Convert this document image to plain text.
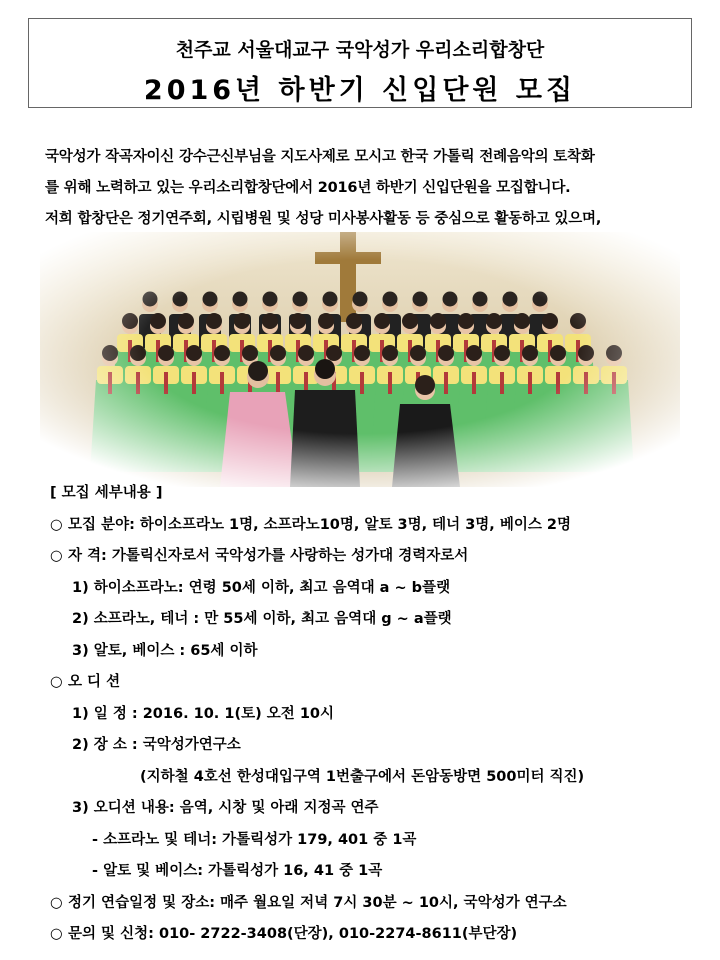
천주교 서울대교구 국악성가 우리소리합창단
2016년 하반기 신입단원 모집
국악성가 작곡자이신 강수근신부님을 지도사제로 모시고 한국 가톨릭 전례음악의 토착화
를 위해 노력하고 있는 우리소리합창단에서 2016년 하반기 신입단원을 모집합니다.
저희 합창단은 정기연주회, 시립병원 및 성당 미사봉사활동 등 중심으로 활동하고 있으며,
[ 모집 세부내용 ]
○ 모집 분야: 하이소프라노 1명, 소프라노10명, 알토 3명, 테너 3명, 베이스 2명
○ 자 격: 가톨릭신자로서 국악성가를 사랑하는 성가대 경력자로서
1) 하이소프라노: 연령 50세 이하, 최고 음역대 a ~ b플랫
2) 소프라노, 테너 : 만 55세 이하, 최고 음역대 g ~ a플랫
3) 알토, 베이스 : 65세 이하
○ 오 디 션
1) 일 정 : 2016. 10. 1(토) 오전 10시
2) 장 소 : 국악성가연구소
(지하철 4호선 한성대입구역 1번출구에서 돈암동방면 500미터 직진)
3) 오디션 내용: 음역, 시창 및 아래 지정곡 연주
- 소프라노 및 테너: 가톨릭성가 179, 401 중 1곡
- 알토 및 베이스: 가톨릭성가 16, 41 중 1곡
○ 정기 연습일정 및 장소: 매주 월요일 저녁 7시 30분 ~ 10시, 국악성가 연구소
○ 문의 및 신청: 010- 2722-3408(단장), 010-2274-8611(부단장)
